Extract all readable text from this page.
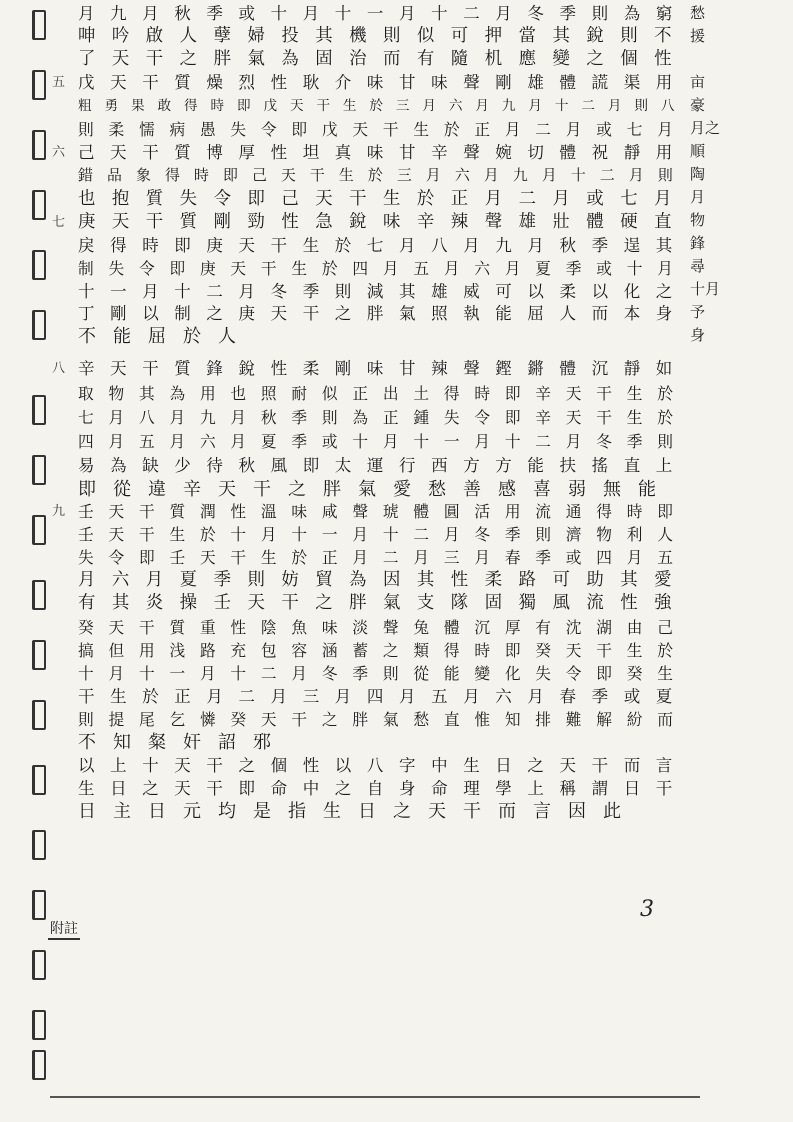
月九月秋季或十月十一月十二月冬季則為窮
呻吟啟人孽婦投其機則似可押當其銳則不
了天干之胖氣為固治而有隨机應變之個性
五 戊天干質燥烈性耿介味甘味聲剛雄體謊渠用
粗勇果敢得時即戊天干生於三月六月九月十二月則八
則柔懦病愚失令即戊天干生於正月二月或七月
六 己天干質博厚性坦真味甘辛聲婉切體祝靜用
錯品象得時即己天干生於三月六月九月十二月則
也抱質失令即己天干生於正月二月或七月
七 庚天干質剛勁性急銳味辛辣聲雄壯體硬直
戾得時即庚天干生於七月八月九月秋季逞其
制失令即庚天干生於四月五月六月夏季或十月
十一月十二月冬季則減其雄威可以柔以化之
丁剛以制之庚天干之胖氣照執能屈人而本身
不能屈於人
八 辛天干質鋒銳性柔剛味甘辣聲鏗鏘體沉靜如
取物其為用也照耐似正出土得時即辛天干生於
七月八月九月秋季則為正鍾失令即辛天干生於
四月五月六月夏季或十月十一月十二月冬季則
易為缺少待秋風即太運行西方方能扶搖直上
即從違辛天干之胖氣愛愁善感喜弱無能
九 壬天干質潤性溫味咸聲琥體圓活用流通得時即
壬天干生於十月十一月十二月冬季則濟物利人
失令即壬天干生於正月二月三月春季或四月五
月六月夏季則妨貿為因其性柔路可助其愛
有其炎操壬天干之胖氣支隊固獨風流性強
癸天干質重性陰魚味淡聲兔體沉厚有沈湖由己
搞但用浅路充包容涵蓄之類得時即癸天干生於
十月十一月十二月冬季則從能變化失令即癸生
干生於正月二月三月四月五月六月春季或夏
則提尾乞憐癸天干之胖氣愁直惟知排難解紛而
不知粲奸詔邪
以上十天干之個性以八字中生日之天干而言
生日之天干即命中之自身命理學上稱謂日干
日主日元均是指生日之天干而言因此
愁
援
亩
豪
月之
順
陶
月
物
鋒
尋
十月
予
身
3
附註
